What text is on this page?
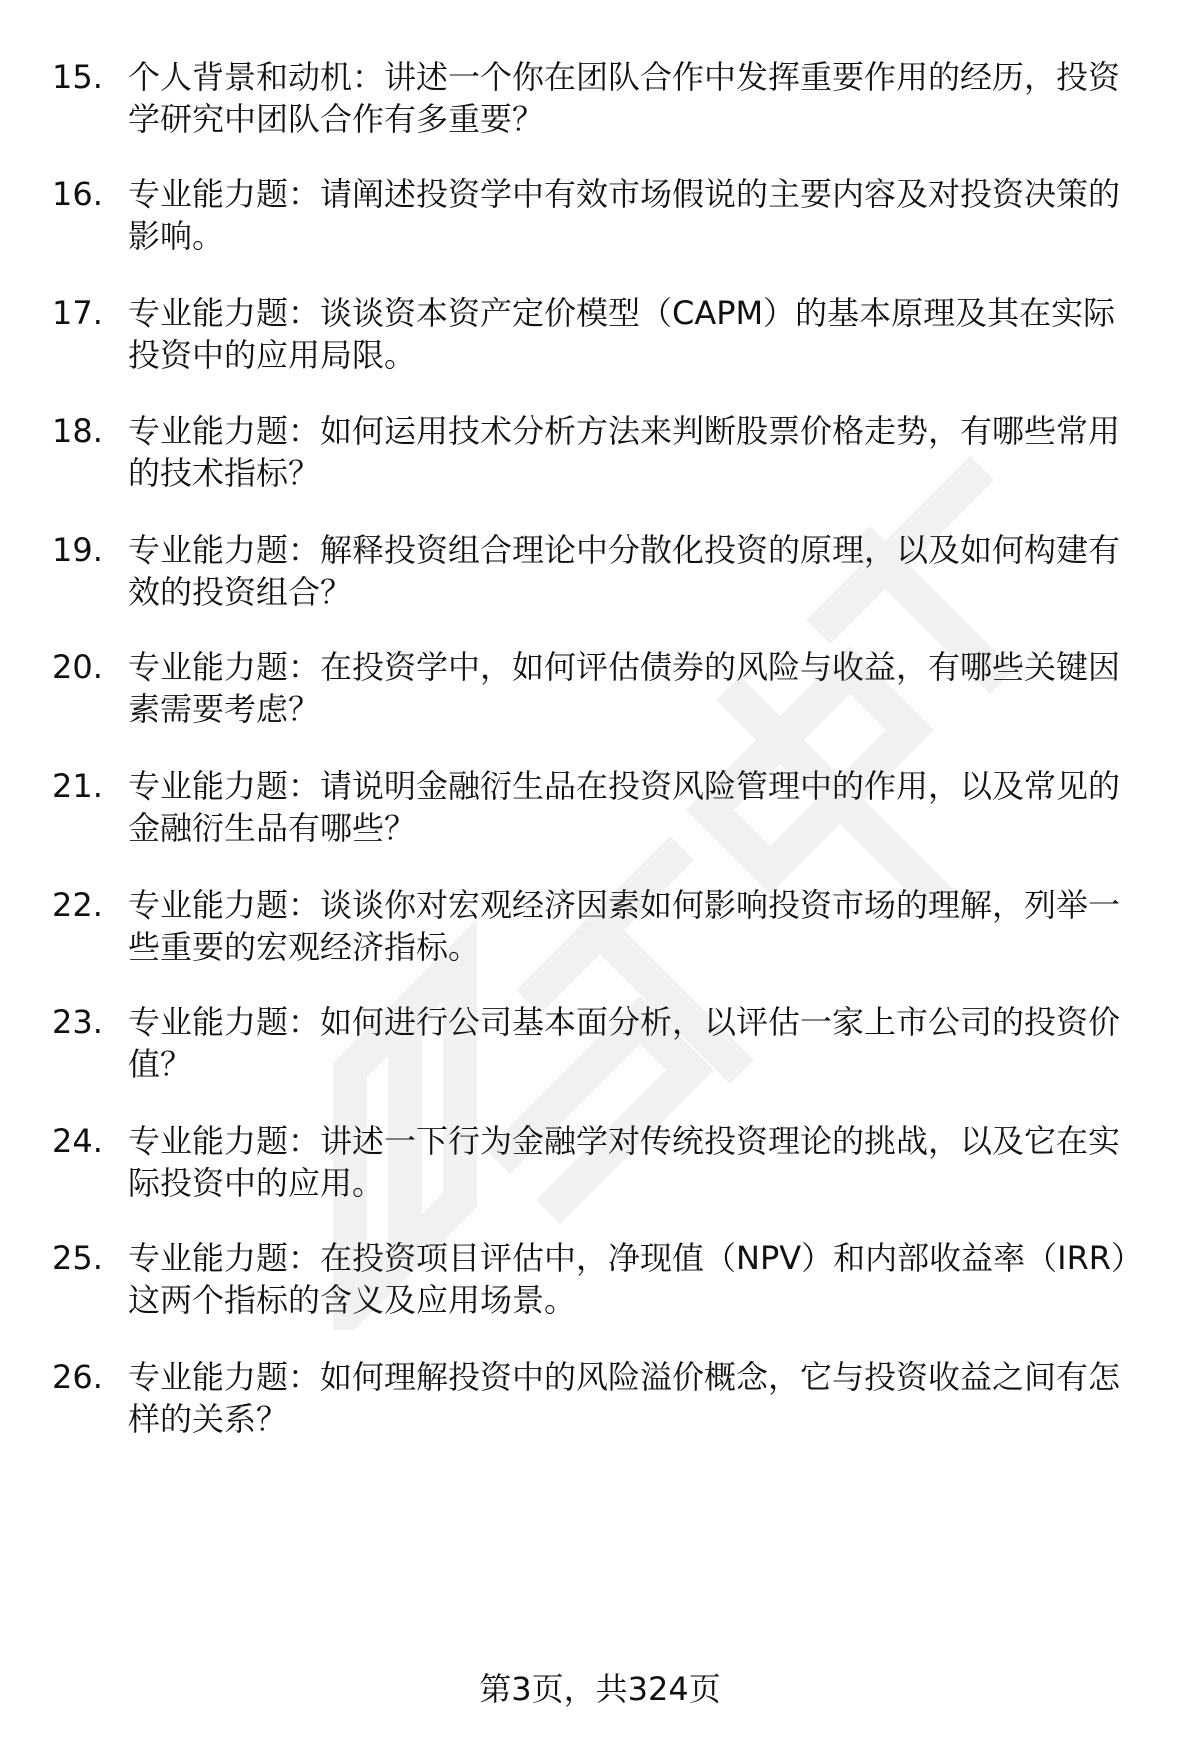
15. 个人背景和动机：讲述一个你在团队合作中发挥重要作用的经历，投资学研究中团队合作有多重要？
16. 专业能力题：请阐述投资学中有效市场假说的主要内容及对投资决策的影响。
17. 专业能力题：谈谈资本资产定价模型（CAPM）的基本原理及其在实际投资中的应用局限。
18. 专业能力题：如何运用技术分析方法来判断股票价格走势，有哪些常用的技术指标？
19. 专业能力题：解释投资组合理论中分散化投资的原理，以及如何构建有效的投资组合？
20. 专业能力题：在投资学中，如何评估债券的风险与收益，有哪些关键因素需要考虑？
21. 专业能力题：请说明金融衍生品在投资风险管理中的作用，以及常见的金融衍生品有哪些？
22. 专业能力题：谈谈你对宏观经济因素如何影响投资市场的理解，列举一些重要的宏观经济指标。
23. 专业能力题：如何进行公司基本面分析，以评估一家上市公司的投资价值？
24. 专业能力题：讲述一下行为金融学对传统投资理论的挑战，以及它在实际投资中的应用。
25. 专业能力题：在投资项目评估中，净现值（NPV）和内部收益率（IRR）这两个指标的含义及应用场景。
26. 专业能力题：如何理解投资中的风险溢价概念，它与投资收益之间有怎样的关系？
第3页，共324页
